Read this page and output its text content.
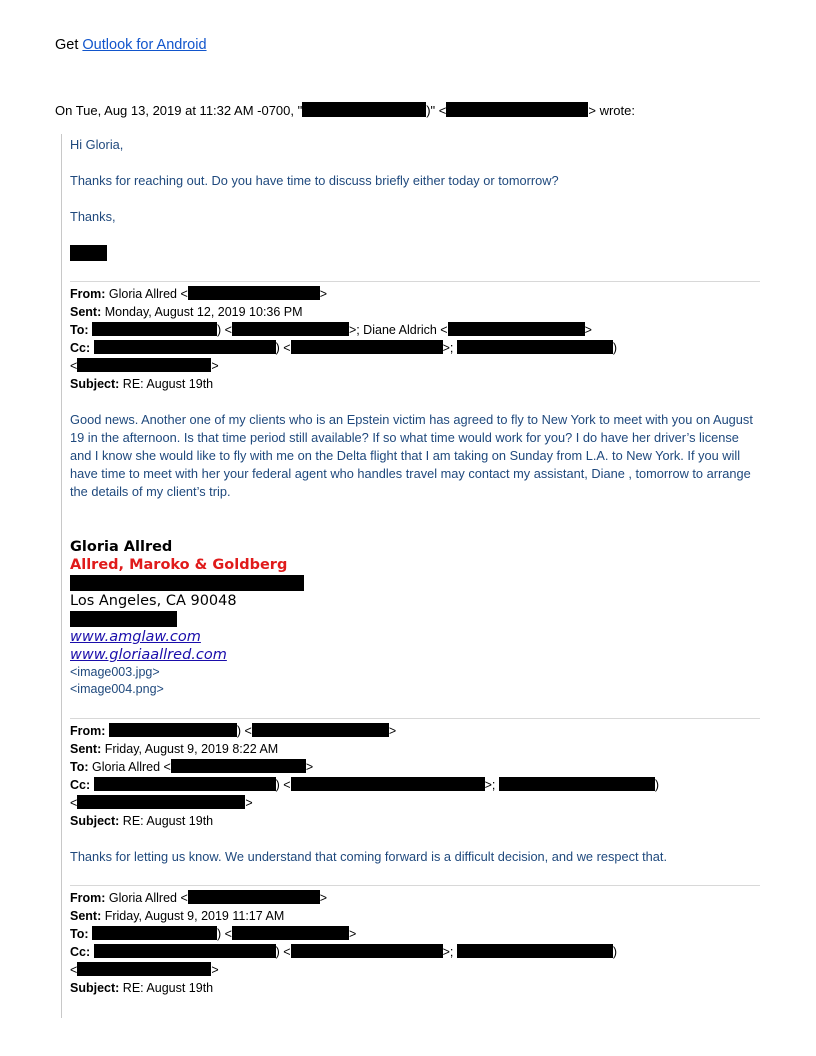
Get Outlook for Android
On Tue, Aug 13, 2019 at 11:32 AM -0700, "	)" <	> wrote:
Hi Gloria,
Thanks for reaching out. Do you have time to discuss briefly either today or tomorrow?
Thanks,
From: Gloria Allred <	>
Sent: Monday, August 12, 2019 10:36 PM
To:	) <	>; Diane Aldrich <	>
Cc:	) <	>;	)
<	>
Subject: RE: August 19th
Good news. Another one of my clients who is an Epstein victim has agreed to fly to New York to meet with you on August 19 in the afternoon. Is that time period still available? If so what time would work for you? I do have her driver’s license and I know she would like to fly with me on the Delta flight that I am taking on Sunday from L.A. to New York. If you will have time to meet with her your federal agent who handles travel may contact my assistant, Diane , tomorrow to arrange the details of my client’s trip.
Gloria Allred
Allred, Maroko & Goldberg
Los Angeles, CA 90048
www.amglaw.com
www.gloriaallred.com
<image003.jpg>
<image004.png>
From:	) <	>
Sent: Friday, August 9, 2019 8:22 AM
To: Gloria Allred <	>
Cc:	) <	>;	)
<	>
Subject: RE: August 19th
Thanks for letting us know. We understand that coming forward is a difficult decision, and we respect that.
From: Gloria Allred <	>
Sent: Friday, August 9, 2019 11:17 AM
To:	) <	>
Cc:	) <	>;	)
<	>
Subject: RE: August 19th
